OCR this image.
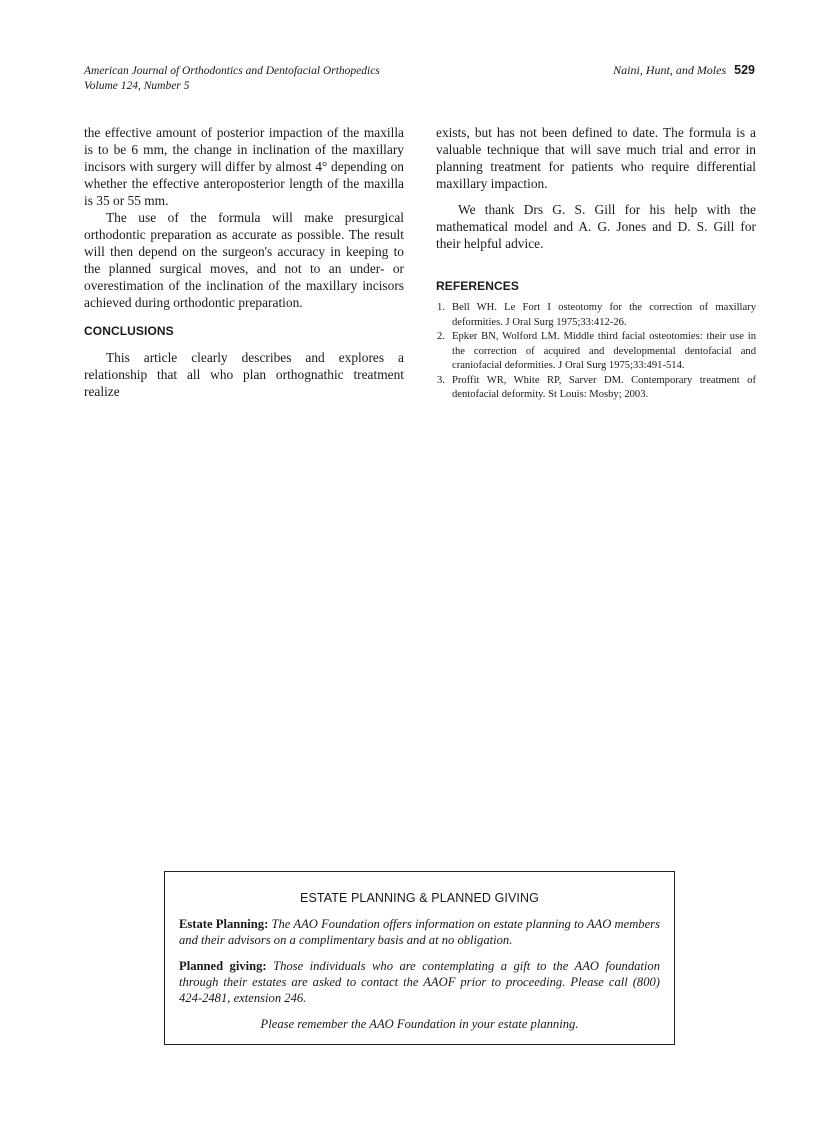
American Journal of Orthodontics and Dentofacial Orthopedics
Volume 124, Number 5
Naini, Hunt, and Moles 529

the effective amount of posterior impaction of the maxilla is to be 6 mm, the change in inclination of the maxillary incisors with surgery will differ by almost 4° depending on whether the effective anteroposterior length of the maxilla is 35 or 55 mm.

The use of the formula will make presurgical orthodontic preparation as accurate as possible. The result will then depend on the surgeon's accuracy in keeping to the planned surgical moves, and not to an under- or overestimation of the inclination of the maxillary incisors achieved during orthodontic preparation.

CONCLUSIONS

This article clearly describes and explores a relationship that all who plan orthognathic treatment realize

exists, but has not been defined to date. The formula is a valuable technique that will save much trial and error in planning treatment for patients who require differential maxillary impaction.

We thank Drs G. S. Gill for his help with the mathematical model and A. G. Jones and D. S. Gill for their helpful advice.

REFERENCES
1. Bell WH. Le Fort I osteotomy for the correction of maxillary deformities. J Oral Surg 1975;33:412-26.
2. Epker BN, Wolford LM. Middle third facial osteotomies: their use in the correction of acquired and developmental dentofacial and craniofacial deformities. J Oral Surg 1975;33:491-514.
3. Proffit WR, White RP, Sarver DM. Contemporary treatment of dentofacial deformity. St Louis: Mosby; 2003.
ESTATE PLANNING & PLANNED GIVING

Estate Planning: The AAO Foundation offers information on estate planning to AAO members and their advisors on a complimentary basis and at no obligation.

Planned giving: Those individuals who are contemplating a gift to the AAO foundation through their estates are asked to contact the AAOF prior to proceeding. Please call (800) 424-2481, extension 246.

Please remember the AAO Foundation in your estate planning.
